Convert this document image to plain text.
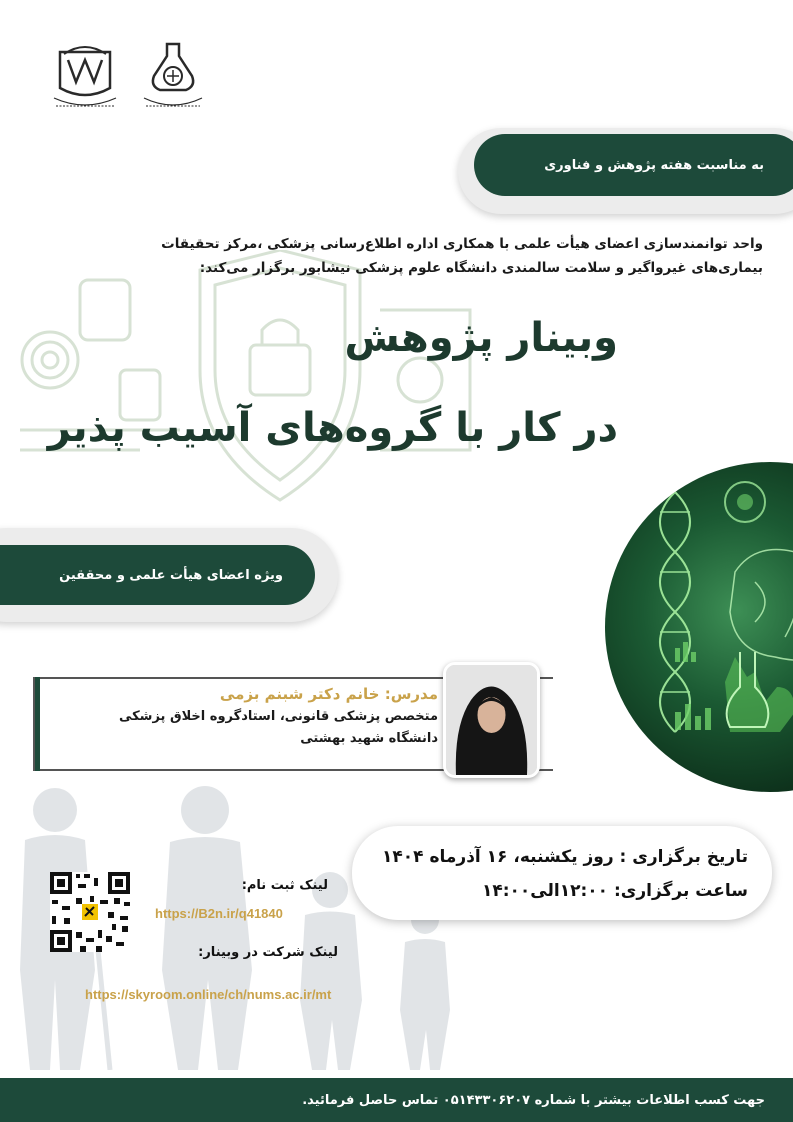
به مناسبت هفته پژوهش و فناوری
واحد توانمندسازی اعضای هیأت علمی با همکاری اداره اطلاع‌رسانی پزشکی ،مرکز تحقیقات
بیماری‌های غیرواگیر و سلامت سالمندی دانشگاه علوم پزشکی نیشابور برگزار می‌کند:
وبینار پژوهش
در کار با گروه‌های آسیب پذیر
ویژه اعضای هیأت علمی و محققین
مدرس: خانم دکتر شبنم بزمی
متخصص پزشکی قانونی، استادگروه اخلاق پزشکی
دانشگاه شهید بهشتی
تاریخ برگزاری : روز یکشنبه، ۱۶ آذرماه ۱۴۰۴
ساعت برگزاری: ۱۲:۰۰الی۱۴:۰۰
لینک ثبت نام:
https://B2n.ir/q41840
لینک شرکت در وبینار:
https://skyroom.online/ch/nums.ac.ir/mt
جهت کسب اطلاعات بیشتر با شماره ۰۵۱۴۳۳۰۶۲۰۷ تماس حاصل فرمائید.
